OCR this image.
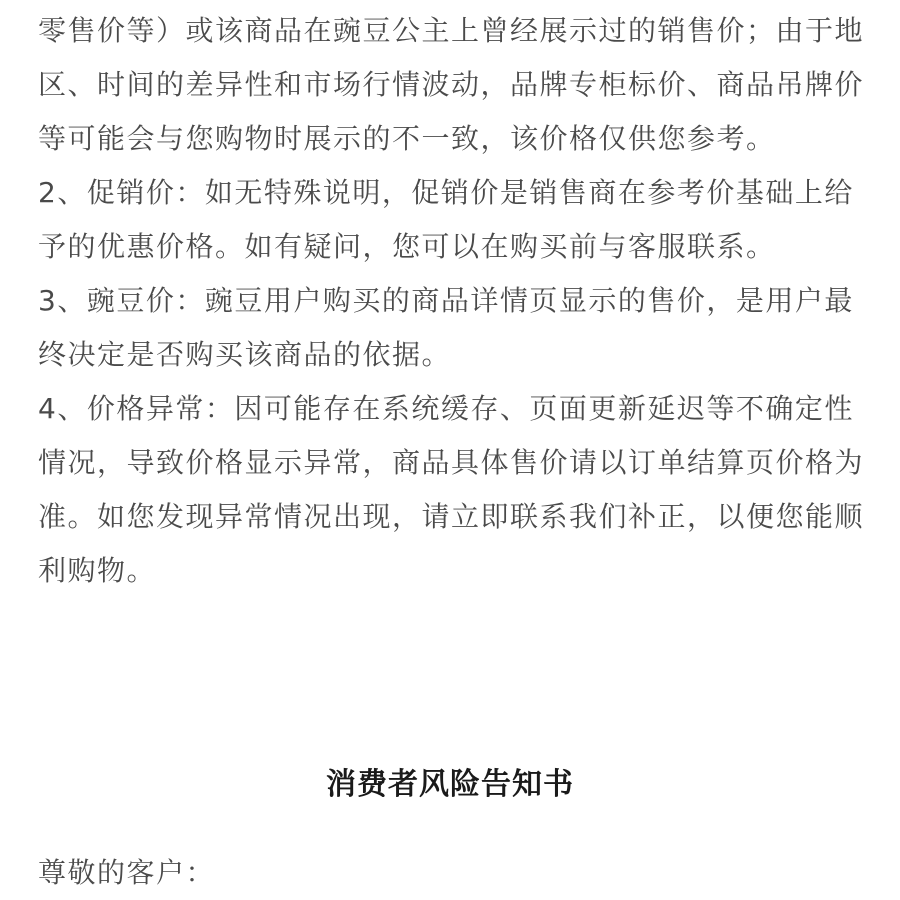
零售价等）或该商品在豌豆公主上曾经展示过的销售价；由于地区、时间的差异性和市场行情波动，品牌专柜标价、商品吊牌价等可能会与您购物时展示的不一致，该价格仅供您参考。

2、促销价：如无特殊说明，促销价是销售商在参考价基础上给予的优惠价格。如有疑问，您可以在购买前与客服联系。

3、豌豆价：豌豆用户购买的商品详情页显示的售价，是用户最终决定是否购买该商品的依据。

4、价格异常：因可能存在系统缓存、页面更新延迟等不确定性情况，导致价格显示异常，商品具体售价请以订单结算页价格为准。如您发现异常情况出现，请立即联系我们补正，以便您能顺利购物。

消费者风险告知书
尊敬的客户：
